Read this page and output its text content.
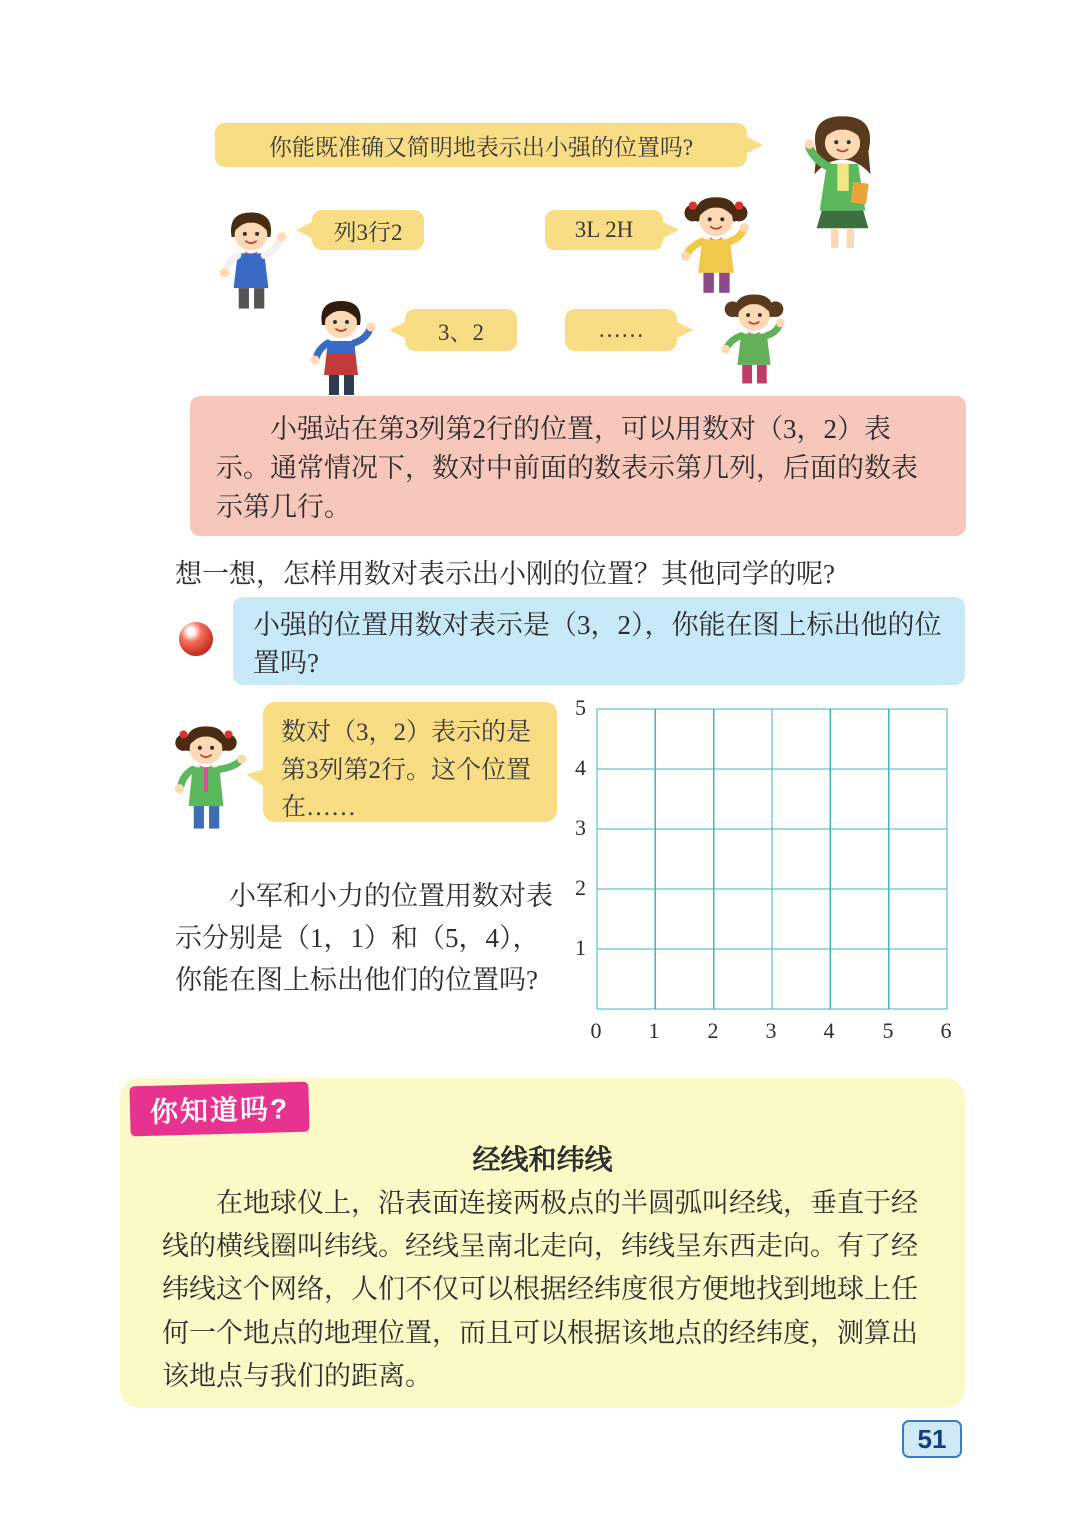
你能既准确又简明地表示出小强的位置吗?
列3行2	3L 2H
3、2	……

小强站在第3列第2行的位置，可以用数对（3，2）表示。通常情况下，数对中前面的数表示第几列，后面的数表示第几行。

想一想，怎样用数对表示出小刚的位置？其他同学的呢?
小强的位置用数对表示是（3，2），你能在图上标出他的位置吗?
数对（3，2）表示的是第3列第2行。这个位置在……
5
4
3
2
1
0	1	2	3	4	5	6

小军和小力的位置用数对表示分别是（1，1）和（5，4），你能在图上标出他们的位置吗?

你知道吗?
经线和纬线

在地球仪上，沿表面连接两极点的半圆弧叫经线，垂直于经线的横线圈叫纬线。经线呈南北走向，纬线呈东西走向。有了经纬线这个网络，人们不仅可以根据经纬度很方便地找到地球上任何一个地点的地理位置，而且可以根据该地点的经纬度，测算出该地点与我们的距离。

51
